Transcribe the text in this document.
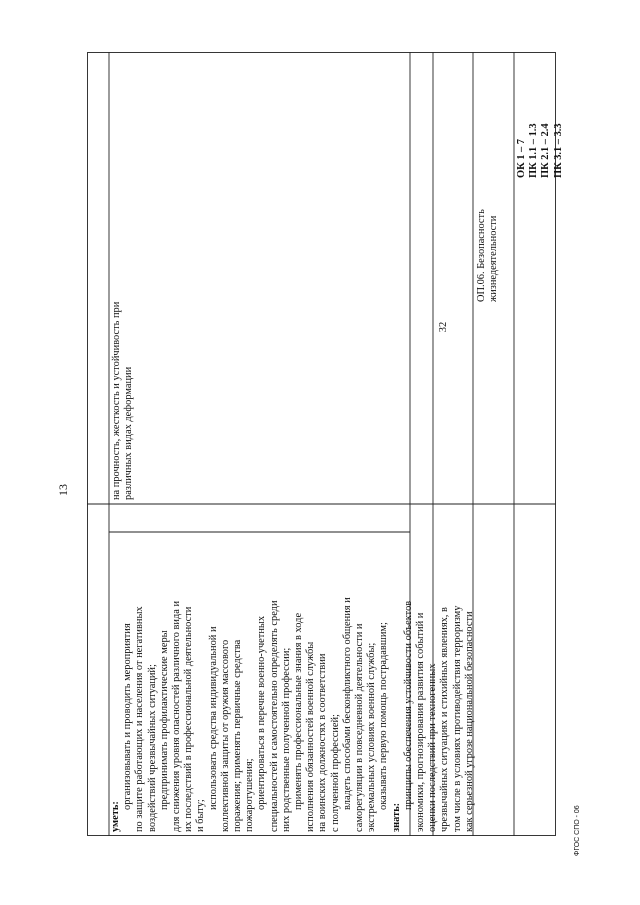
13	на прочность, жесткость и устойчивость при различных видах деформации

уметь:

организовывать и проводить мероприятия по защите работающих и населения от негативных воздействий чрезвычайных ситуаций; предпринимать профилактические меры для снижения уровня опасностей различного вида и их последствий в профессиональной деятельности и быту;

использовать средства индивидуальной и коллективной защиты от оружия массового поражения; применять первичные средства пожаротушения; ориентироваться в перечне военно-учетных специальностей и самостоятельно определять среди них родственные полученной профессии; применять профессиональные знания в ходе исполнения обязанностей военной службы на воинских должностях в соответствии с полученной профессией; владеть способами бесконфликтного общения и саморегуляции в повседневной деятельности и экстремальных условиях военной службы; оказывать первую помощь пострадавшим;

знать:

принципы обеспечения устойчивости объектов экономики, прогнозирования развития событий и оценки последствий при техногенных чрезвычайных ситуациях и стихийных явлениях, в том числе в условиях противодействия терроризму как серьезной угрозе национальной безопасности

32
ОП.06. Безопасность жизнедеятельности
ОК 1 – 7 ПК 1.1 – 1.3 ПК 2.1 – 2.4 ПК 3.1 – 3.3
ФГОС СПО - 06
